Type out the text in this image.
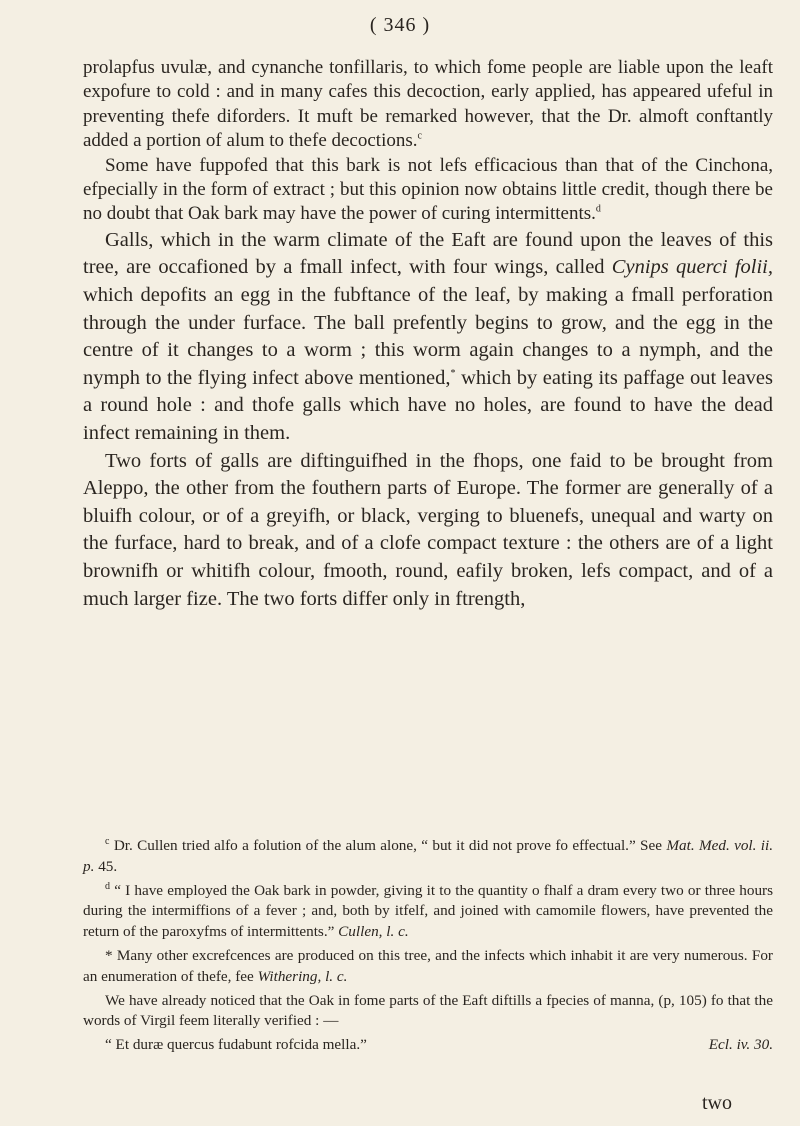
( 346 )

prolapfus uvulæ, and cynanche tonfillaris, to which fome people are liable upon the leaft expofure to cold : and in many cafes this decoction, early applied, has appeared ufeful in preventing thefe diforders. It muft be remarked however, that the Dr. almoft conftantly added a portion of alum to thefe decoctions.$^c$

Some have fuppofed that this bark is not lefs efficacious than that of the Cinchona, efpecially in the form of extract ; but this opinion now obtains little credit, though there be no doubt that Oak bark may have the power of curing intermittents.$^d$

Galls, which in the warm climate of the Eaft are found upon the leaves of this tree, are occafioned by a fmall infect, with four wings, called Cynips querci folii, which depofits an egg in the fubftance of the leaf, by making a fmall perforation through the under furface. The ball prefently begins to grow, and the egg in the centre of it changes to a worm ; this worm again changes to a nymph, and the nymph to the flying infect above mentioned,* which by eating its paffage out leaves a round hole : and thofe galls which have no holes, are found to have the dead infect remaining in them.

Two forts of galls are diftinguifhed in the fhops, one faid to be brought from Aleppo, the other from the fouthern parts of Europe. The former are generally of a bluifh colour, or of a greyifh, or black, verging to bluenefs, unequal and warty on the furface, hard to break, and of a clofe compact texture : the others are of a light brownifh or whitifh colour, fmooth, round, eafily broken, lefs compact, and of a much larger fize. The two forts differ only in ftrength,

$^c$ Dr. Cullen tried alfo a folution of the alum alone, “ but it did not prove fo effectual.” See Mat. Med. vol. ii. p. 45.

$^d$ “ I have employed the Oak bark in powder, giving it to the quantity o fhalf a dram every two or three hours during the intermiffions of a fever ; and, both by itfelf, and joined with camomile flowers, have prevented the return of the paroxyfms of intermittents.” Cullen, l. c.

* Many other excrefcences are produced on this tree, and the infects which inhabit it are very numerous. For an enumeration of thefe, fee Withering, l. c.

We have already noticed that the Oak in fome parts of the Eaft diftills a fpecies of manna, (p, 105) fo that the words of Virgil feem literally verified : —

“ Et duræ quercus fudabunt rofcida mella.”	Ecl. iv. 30.

two
